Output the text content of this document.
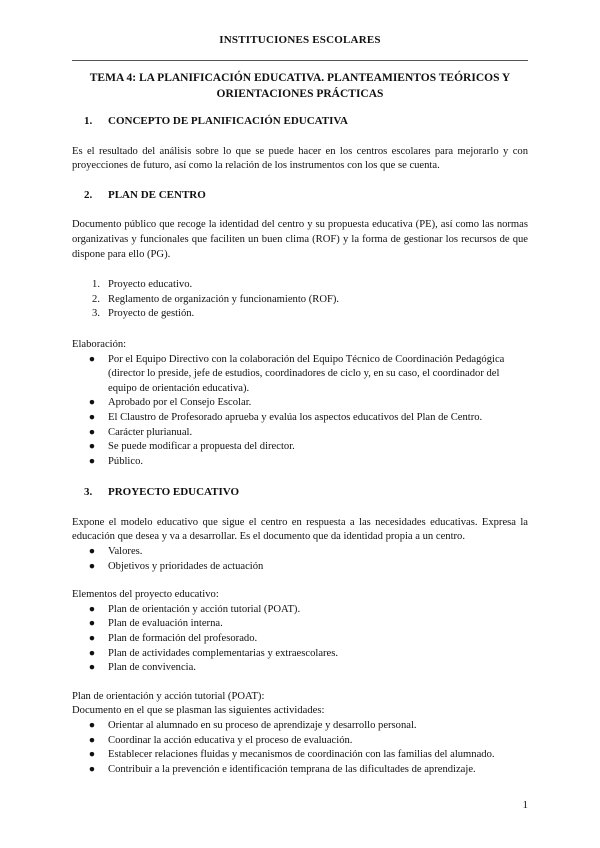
INSTITUCIONES ESCOLARES
TEMA 4: LA PLANIFICACIÓN EDUCATIVA. PLANTEAMIENTOS TEÓRICOS Y ORIENTACIONES PRÁCTICAS
1.	CONCEPTO DE PLANIFICACIÓN EDUCATIVA

Es el resultado del análisis sobre lo que se puede hacer en los centros escolares para mejorarlo y con proyecciones de futuro, así como la relación de los instrumentos con los que se cuenta.

2.	PLAN DE CENTRO

Documento público que recoge la identidad del centro y su propuesta educativa (PE), así como las normas organizativas y funcionales que faciliten un buen clima (ROF) y la forma de gestionar los recursos de que dispone para ello (PG).

1. Proyecto educativo.
2. Reglamento de organización y funcionamiento (ROF).
3. Proyecto de gestión.

Elaboración:

●	Por el Equipo Directivo con la colaboración del Equipo Técnico de Coordinación Pedagógica (director lo preside, jefe de estudios, coordinadores de ciclo y, en su caso, el coordinador del equipo de orientación educativa).
●	Aprobado por el Consejo Escolar.
●	El Claustro de Profesorado aprueba y evalúa los aspectos educativos del Plan de Centro.
●	Carácter plurianual.
●	Se puede modificar a propuesta del director.
●	Público.
3.	PROYECTO EDUCATIVO

Expone el modelo educativo que sigue el centro en respuesta a las necesidades educativas. Expresa la educación que desea y va a desarrollar. Es el documento que da identidad propia a un centro.

●	Valores.
●	Objetivos y prioridades de actuación

Elementos del proyecto educativo:

●	Plan de orientación y acción tutorial (POAT).
●	Plan de evaluación interna.
●	Plan de formación del profesorado.
●	Plan de actividades complementarias y extraescolares.
●	Plan de convivencia.

Plan de orientación y acción tutorial (POAT):

Documento en el que se plasman las siguientes actividades:

●	Orientar al alumnado en su proceso de aprendizaje y desarrollo personal.
●	Coordinar la acción educativa y el proceso de evaluación.
●	Establecer relaciones fluidas y mecanismos de coordinación con las familias del alumnado.
●	Contribuir a la prevención e identificación temprana de las dificultades de aprendizaje.
1
